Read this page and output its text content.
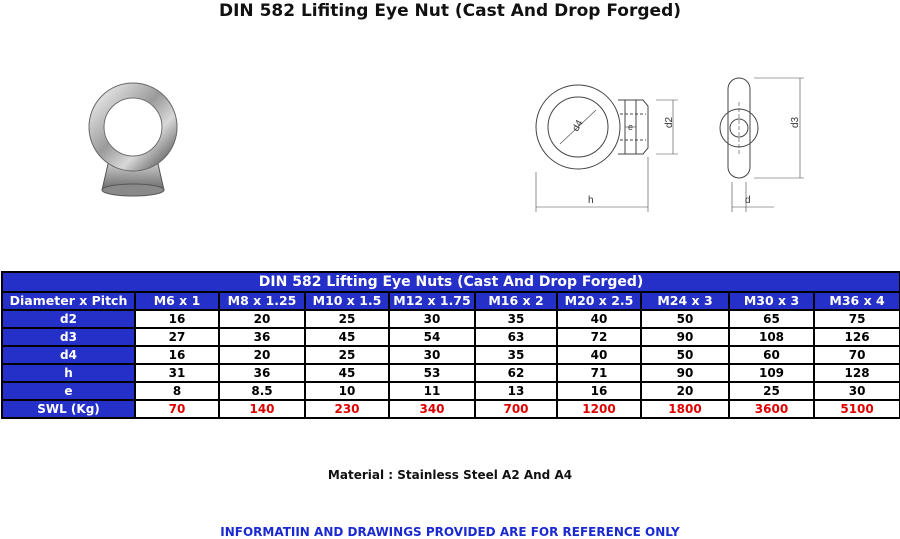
DIN 582 Lifiting Eye Nut (Cast And Drop Forged)
d4	e	d2
h
d3
d
DIN 582 Lifting Eye Nuts (Cast And Drop Forged)									
Diameter x Pitch	M6 x 1	M8 x 1.25	M10 x 1.5	M12 x 1.75	M16 x 2	M20 x 2.5	M24 x 3	M30 x 3	M36 x 4
d2	16	20	25	30	35	40	50	65	75
d3	27	36	45	54	63	72	90	108	126
d4	16	20	25	30	35	40	50	60	70
h	31	36	45	53	62	71	90	109	128
e	8	8.5	10	11	13	16	20	25	30
SWL (Kg)	70	140	230	340	700	1200	1800	3600	5100
Material : Stainless Steel A2 And A4
INFORMATIIN AND DRAWINGS PROVIDED ARE FOR REFERENCE ONLY
